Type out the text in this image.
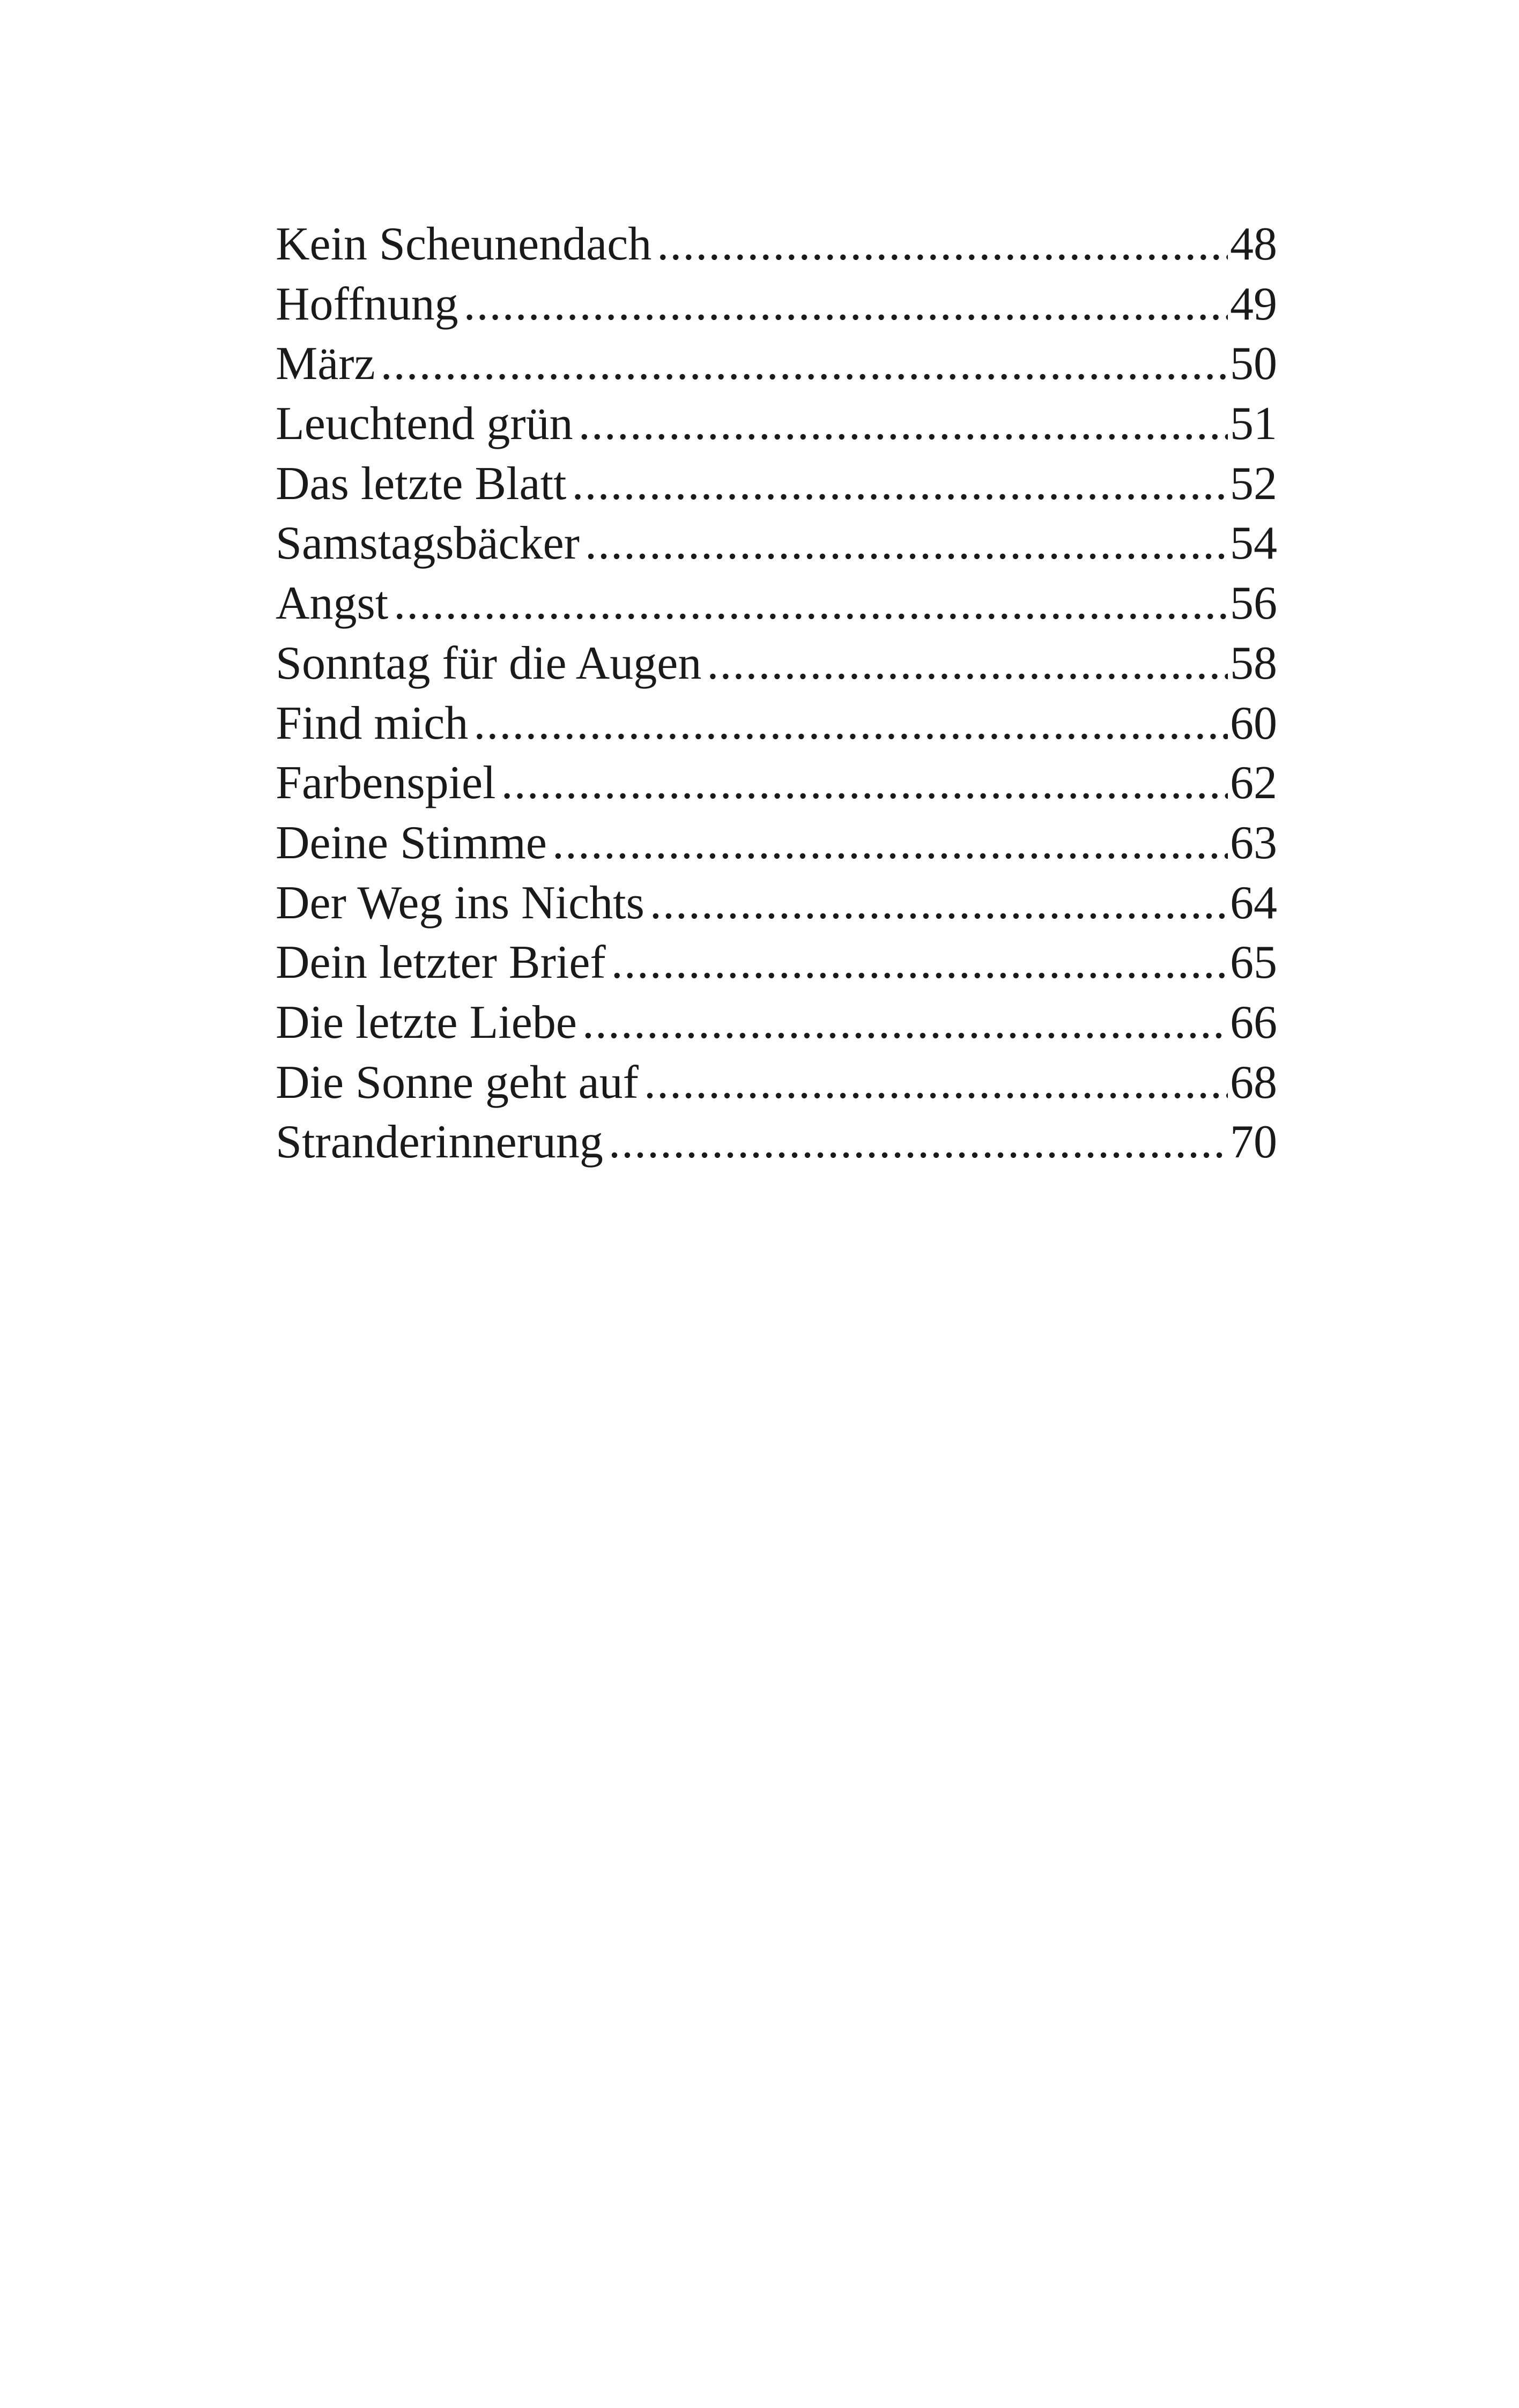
Kein Scheunendach .....	48
Hoffnung .....	49
März .....	50
Leuchtend grün .....	51
Das letzte Blatt .....	52
Samstagsbäcker .....	54
Angst .....	56
Sonntag für die Augen .....	58
Find mich .....	60
Farbenspiel .....	62
Deine Stimme .....	63
Der Weg ins Nichts .....	64
Dein letzter Brief .....	65
Die letzte Liebe .....	66
Die Sonne geht auf .....	68
Stranderinnerung .....	70
